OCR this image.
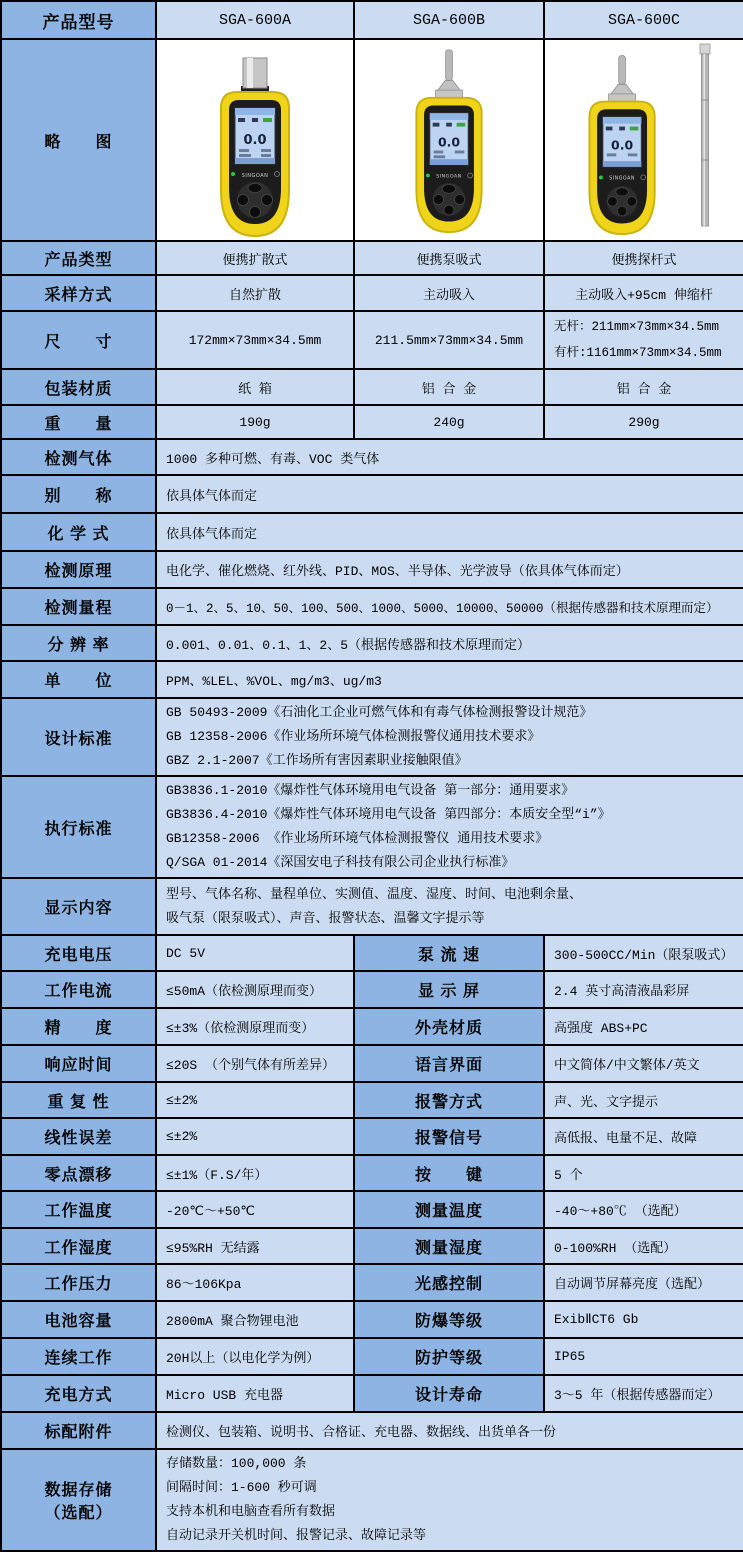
产品型号	SGA-600A	SGA-600B	SGA-600C
略　　图	0.0
SINGOAN	0.0
SINGOAN	0.0
SINGOAN

产品类型	便携扩散式	便携泵吸式	便携探杆式
采样方式	自然扩散	主动吸入	主动吸入+95cm 伸缩杆
尺　　寸	172mm×73mm×34.5mm	211.5mm×73mm×34.5mm	无杆：211mm×73mm×34.5mm
有杆:1161mm×73mm×34.5mm

包装材质	纸 箱	铝 合 金	铝 合 金
重　　量	190g	240g	290g
检测气体	1000 多种可燃、有毒、VOC 类气体		
别　　称	依具体气体而定		
化 学 式	依具体气体而定		
检测原理	电化学、催化燃烧、红外线、PID、MOS、半导体、光学波导（依具体气体而定）		
检测量程	0－1、2、5、10、50、100、500、1000、5000、10000、50000（根据传感器和技术原理而定）		
分 辨 率	0.001、0.01、0.1、1、2、5（根据传感器和技术原理而定）		
单　　位	PPM、%LEL、%VOL、mg/m3、ug/m3		
设计标准	GB 50493-2009《石油化工企业可燃气体和有毒气体检测报警设计规范》
GB 12358-2006《作业场所环境气体检测报警仪通用技术要求》
GBZ 2.1-2007《工作场所有害因素职业接触限值》		

执行标准	GB3836.1-2010《爆炸性气体环境用电气设备 第一部分：通用要求》
GB3836.4-2010《爆炸性气体环境用电气设备 第四部分：本质安全型“i”》
GB12358-2006 《作业场所环境气体检测报警仪 通用技术要求》
Q/SGA 01-2014《深国安电子科技有限公司企业执行标准》		

显示内容	型号、气体名称、量程单位、实测值、温度、湿度、时间、电池剩余量、
吸气泵（限泵吸式）、声音、报警状态、温馨文字提示等		

充电电压	DC 5V	泵 流 速	300-500CC/Min（限泵吸式）
工作电流	≤50mA（依检测原理而变）	显 示 屏	2.4 英寸高清液晶彩屏
精　　度	≤±3%（依检测原理而变）	外壳材质	高强度 ABS+PC
响应时间	≤20S （个别气体有所差异）	语言界面	中文简体/中文繁体/英文
重 复 性	≤±2%	报警方式	声、光、文字提示
线性误差	≤±2%	报警信号	高低报、电量不足、故障
零点漂移	≤±1%（F.S/年）	按　　键	5 个
工作温度	-20℃～+50℃	测量温度	-40～+80℃ （选配）
工作湿度	≤95%RH 无结露	测量湿度	0-100%RH （选配）
工作压力	86～106Kpa	光感控制	自动调节屏幕亮度（选配）
电池容量	2800mA 聚合物锂电池	防爆等级	ExibⅡCT6 Gb
连续工作	20H以上（以电化学为例）	防护等级	IP65
充电方式	Micro USB 充电器	设计寿命	3～5 年（根据传感器而定）
标配附件	检测仪、包装箱、说明书、合格证、充电器、数据线、出货单各一份		

数据存储
（选配）

存储数量：100,000 条
间隔时间：1-600 秒可调
支持本机和电脑查看所有数据
自动记录开关机时间、报警记录、故障记录等
